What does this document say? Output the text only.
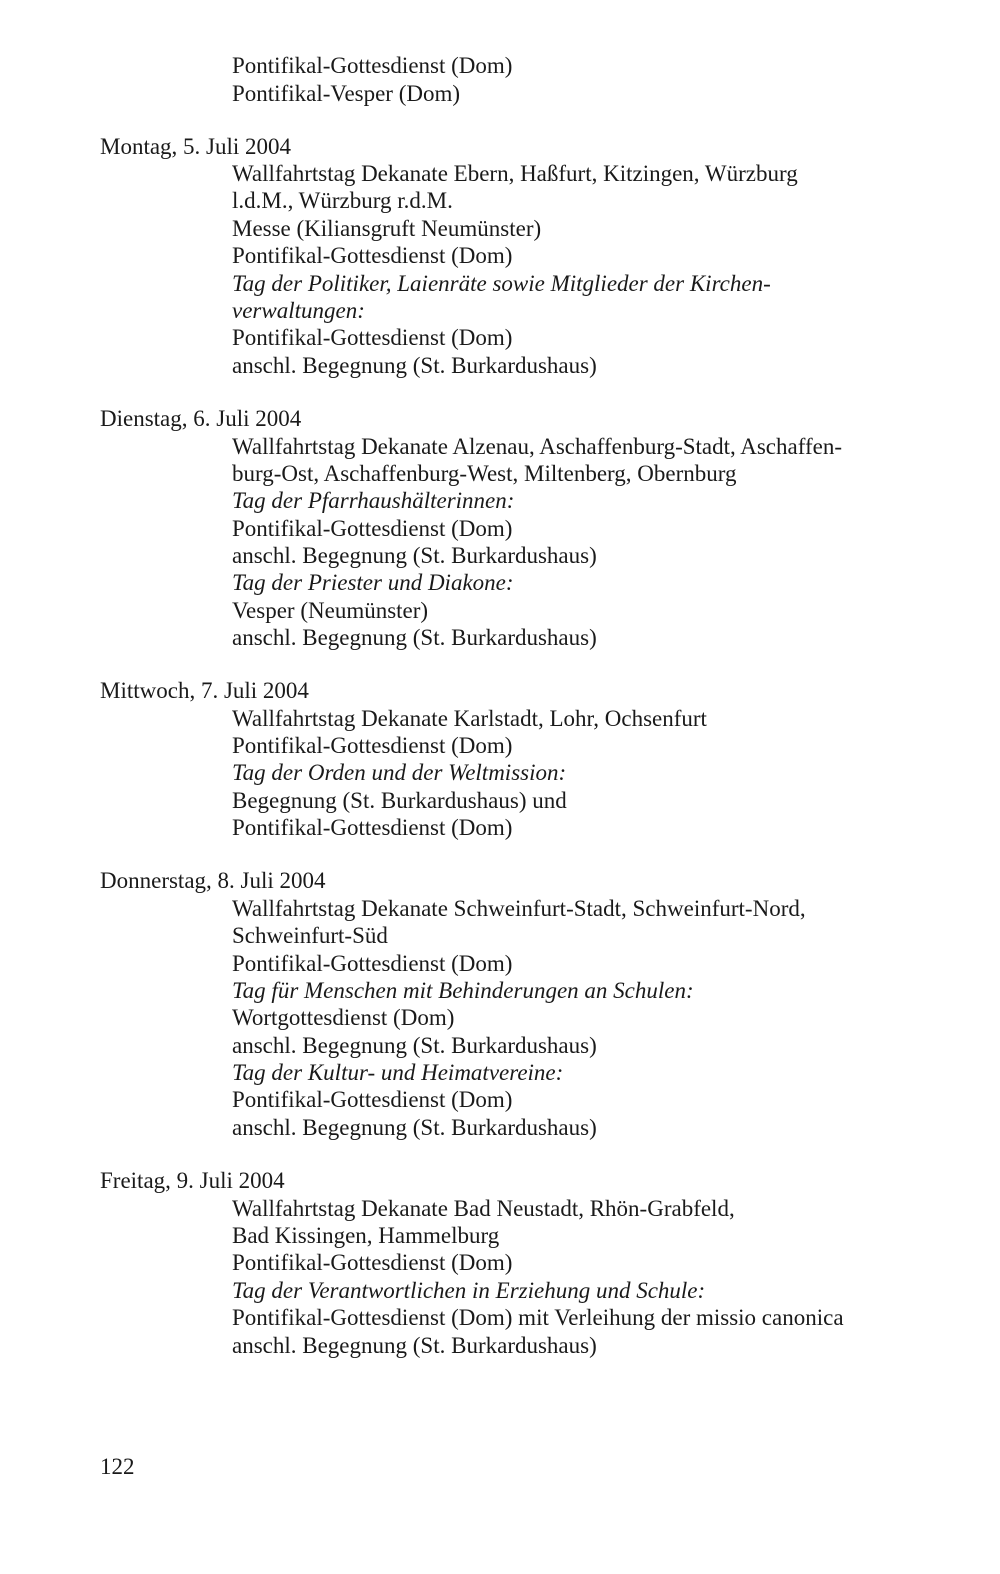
Pontifikal-Gottesdienst (Dom)
Pontifikal-Vesper (Dom)
Montag, 5. Juli 2004
Wallfahrtstag Dekanate Ebern, Haßfurt, Kitzingen, Würzburg
l.d.M., Würzburg r.d.M.
Messe (Kiliansgruft Neumünster)
Pontifikal-Gottesdienst (Dom)
Tag der Politiker, Laienräte sowie Mitglieder der Kirchen-
verwaltungen:
Pontifikal-Gottesdienst (Dom)
anschl. Begegnung (St. Burkardushaus)
Dienstag, 6. Juli 2004
Wallfahrtstag Dekanate Alzenau, Aschaffenburg-Stadt, Aschaffen-
burg-Ost, Aschaffenburg-West, Miltenberg, Obernburg
Tag der Pfarrhaushälterinnen:
Pontifikal-Gottesdienst (Dom)
anschl. Begegnung (St. Burkardushaus)
Tag der Priester und Diakone:
Vesper (Neumünster)
anschl. Begegnung (St. Burkardushaus)
Mittwoch, 7. Juli 2004
Wallfahrtstag Dekanate Karlstadt, Lohr, Ochsenfurt
Pontifikal-Gottesdienst (Dom)
Tag der Orden und der Weltmission:
Begegnung (St. Burkardushaus) und
Pontifikal-Gottesdienst (Dom)
Donnerstag, 8. Juli 2004
Wallfahrtstag Dekanate Schweinfurt-Stadt, Schweinfurt-Nord,
Schweinfurt-Süd
Pontifikal-Gottesdienst (Dom)
Tag für Menschen mit Behinderungen an Schulen:
Wortgottesdienst (Dom)
anschl. Begegnung (St. Burkardushaus)
Tag der Kultur- und Heimatvereine:
Pontifikal-Gottesdienst (Dom)
anschl. Begegnung (St. Burkardushaus)
Freitag, 9. Juli 2004
Wallfahrtstag Dekanate Bad Neustadt, Rhön-Grabfeld,
Bad Kissingen, Hammelburg
Pontifikal-Gottesdienst (Dom)
Tag der Verantwortlichen in Erziehung und Schule:
Pontifikal-Gottesdienst (Dom) mit Verleihung der missio canonica
anschl. Begegnung (St. Burkardushaus)
122
